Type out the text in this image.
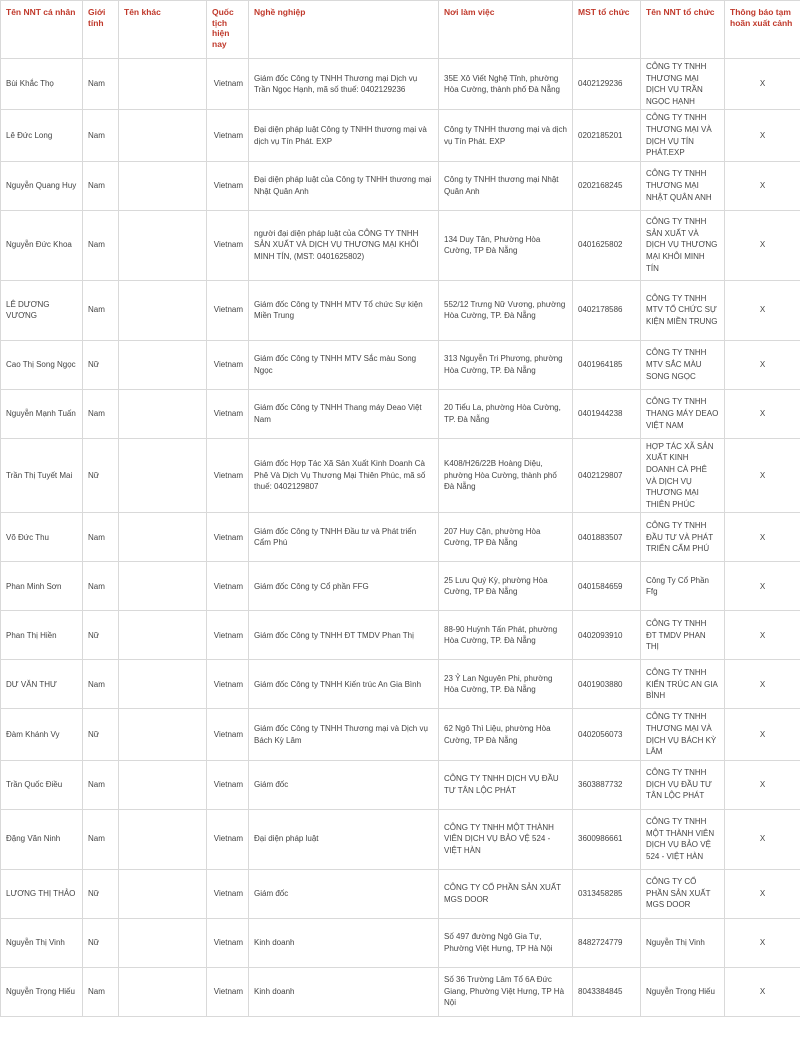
Tên NNT cá nhân	Giới tính	Tên khác	Quốc tịch hiện nay	Nghề nghiệp	Nơi làm việc	MST tổ chức	Tên NNT tổ chức	Thông báo tạm hoãn xuất cảnh
Bùi Khắc Thọ	Nam		Vietnam	Giám đốc Công ty TNHH Thương mại Dịch vụ Trần Ngọc Hạnh, mã số thuế: 0402129236	35E Xô Viết Nghệ Tĩnh, phường Hòa Cường, thành phố Đà Nẵng	0402129236	CÔNG TY TNHH THƯƠNG MẠI DỊCH VỤ TRẦN NGỌC HẠNH	X
Lê Đức Long	Nam		Vietnam	Đại diện pháp luật Công ty TNHH thương mại và dịch vụ Tín Phát. EXP	Công ty TNHH thương mại và dịch vụ Tín Phát. EXP	0202185201	CÔNG TY TNHH THƯƠNG MẠI VÀ DỊCH VỤ TÍN PHÁT.EXP	X
Nguyễn Quang Huy	Nam		Vietnam	Đại diện pháp luật của Công ty TNHH thương mại Nhật Quân Anh	Công ty TNHH thương mại Nhật Quân Anh	0202168245	CÔNG TY TNHH THƯƠNG MẠI NHẬT QUÂN ANH	X
Nguyễn Đức Khoa	Nam		Vietnam	người đại diện pháp luật của CÔNG TY TNHH SẢN XUẤT VÀ DỊCH VỤ THƯƠNG MẠI KHÔI MINH TÍN, (MST: 0401625802)	134 Duy Tân, Phường Hòa Cường, TP Đà Nẵng	0401625802	CÔNG TY TNHH SẢN XUẤT VÀ DỊCH VỤ THƯƠNG MẠI KHÔI MINH TÍN	X
LÊ DƯƠNG VƯƠNG	Nam		Vietnam	Giám đốc Công ty TNHH MTV Tổ chức Sự kiện Miền Trung	552/12 Trưng Nữ Vương, phường Hòa Cường, TP. Đà Nẵng	0402178586	CÔNG TY TNHH MTV TỔ CHỨC SỰ KIỆN MIỀN TRUNG	X
Cao Thị Song Ngọc	Nữ		Vietnam	Giám đốc Công ty TNHH MTV Sắc màu Song Ngọc	313 Nguyễn Tri Phương, phường Hòa Cường, TP. Đà Nẵng	0401964185	CÔNG TY TNHH MTV SẮC MÀU SONG NGỌC	X
Nguyễn Mạnh Tuấn	Nam		Vietnam	Giám đốc Công ty TNHH Thang máy Deao Việt Nam	20 Tiểu La, phường Hòa Cường, TP. Đà Nẵng	0401944238	CÔNG TY TNHH THANG MÁY DEAO VIỆT NAM	X
Trần Thị Tuyết Mai	Nữ		Vietnam	Giám đốc Hợp Tác Xã Sản Xuất Kinh Doanh Cà Phê Và Dịch Vụ Thương Mại Thiên Phúc, mã số thuế: 0402129807	K408/H26/22B Hoàng Diệu, phường Hòa Cường, thành phố Đà Nẵng	0402129807	HỢP TÁC XÃ SẢN XUẤT KINH DOANH CÀ PHÊ VÀ DỊCH VỤ THƯƠNG MẠI THIÊN PHÚC	X
Võ Đức Thu	Nam		Vietnam	Giám đốc Công ty TNHH Đầu tư và Phát triển Cẩm Phú	207 Huy Cận, phường Hòa Cường, TP Đà Nẵng	0401883507	CÔNG TY TNHH ĐẦU TƯ VÀ PHÁT TRIỂN CẨM PHÚ	X
Phan Minh Sơn	Nam		Vietnam	Giám đốc Công ty Cổ phần FFG	25 Lưu Quý Kỳ, phường Hòa Cường, TP Đà Nẵng	0401584659	Công Ty Cổ Phần Ffg	X
Phan Thị Hiền	Nữ		Vietnam	Giám đốc Công ty TNHH ĐT TMDV Phan Thị	88-90 Huỳnh Tấn Phát, phường Hòa Cường, TP. Đà Nẵng	0402093910	CÔNG TY TNHH ĐT TMDV PHAN THỊ	X
DƯ VĂN THƯ	Nam		Vietnam	Giám đốc Công ty TNHH Kiến trúc An Gia Bình	23 Ỷ Lan Nguyên Phi, phường Hòa Cường, TP. Đà Nẵng	0401903880	CÔNG TY TNHH KIẾN TRÚC AN GIA BÌNH	X
Đàm Khánh Vy	Nữ		Vietnam	Giám đốc Công ty TNHH Thương mại và Dịch vụ Bách Kỳ Lâm	62 Ngô Thì Liệu, phường Hòa Cường, TP Đà Nẵng	0402056073	CÔNG TY TNHH THƯƠNG MẠI VÀ DỊCH VỤ BÁCH KỲ LÂM	X
Trần Quốc Điều	Nam		Vietnam	Giám đốc	CÔNG TY TNHH DỊCH VỤ ĐẦU TƯ TÂN LỘC PHÁT	3603887732	CÔNG TY TNHH DỊCH VỤ ĐẦU TƯ TÂN LỘC PHÁT	X
Đặng Văn Ninh	Nam		Vietnam	Đại diện pháp luật	CÔNG TY TNHH MỘT THÀNH VIÊN DỊCH VỤ BẢO VỆ 524 - VIỆT HÀN	3600986661	CÔNG TY TNHH MỘT THÀNH VIÊN DỊCH VỤ BẢO VỆ 524 - VIỆT HÀN	X
LƯƠNG THỊ THẢO	Nữ		Vietnam	Giám đốc	CÔNG TY CỔ PHẦN SẢN XUẤT MGS DOOR	0313458285	CÔNG TY CỔ PHẦN SẢN XUẤT MGS DOOR	X
Nguyễn Thị Vinh	Nữ		Vietnam	Kinh doanh	Số 497 đường Ngô Gia Tự, Phường Việt Hưng, TP Hà Nội	8482724779	Nguyễn Thị Vinh	X
Nguyễn Trọng Hiếu	Nam		Vietnam	Kinh doanh	Số 36 Trường Lâm Tổ 6A Đức Giang, Phường Việt Hưng, TP Hà Nội	8043384845	Nguyễn Trọng Hiếu	X
